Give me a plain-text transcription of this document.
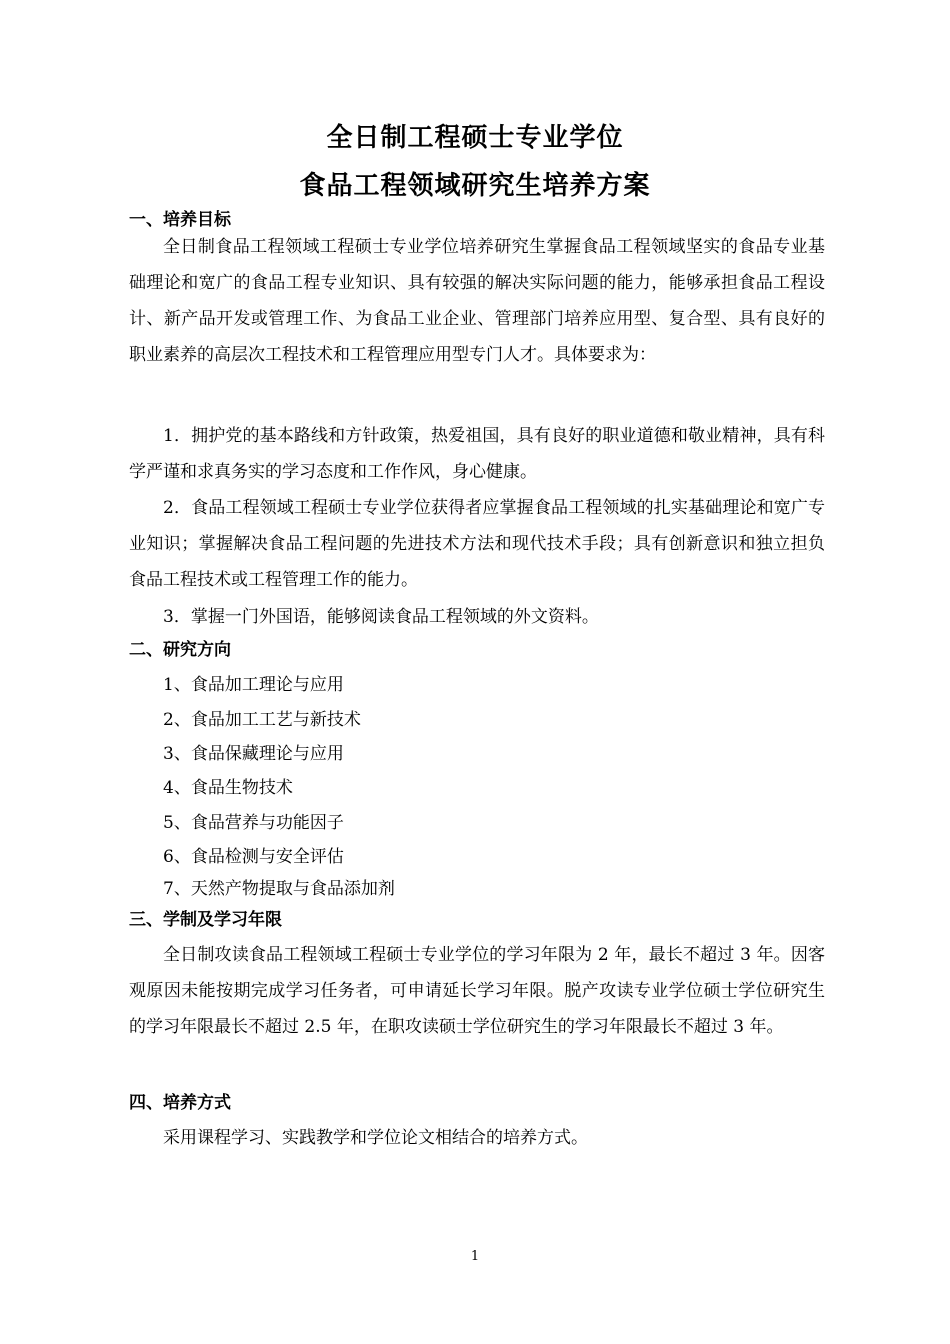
全日制工程硕士专业学位
食品工程领域研究生培养方案
一、培养目标
全日制食品工程领域工程硕士专业学位培养研究生掌握食品工程领域坚实的食品专业基础理论和宽广的食品工程专业知识、具有较强的解决实际问题的能力，能够承担食品工程设计、新产品开发或管理工作、为食品工业企业、管理部门培养应用型、复合型、具有良好的职业素养的高层次工程技术和工程管理应用型专门人才。具体要求为：
1．拥护党的基本路线和方针政策，热爱祖国，具有良好的职业道德和敬业精神，具有科学严谨和求真务实的学习态度和工作作风，身心健康。
2．食品工程领域工程硕士专业学位获得者应掌握食品工程领域的扎实基础理论和宽广专业知识；掌握解决食品工程问题的先进技术方法和现代技术手段；具有创新意识和独立担负食品工程技术或工程管理工作的能力。
3．掌握一门外国语，能够阅读食品工程领域的外文资料。
二、研究方向
1、食品加工理论与应用
2、食品加工工艺与新技术
3、食品保藏理论与应用
4、食品生物技术
5、食品营养与功能因子
6、食品检测与安全评估
7、天然产物提取与食品添加剂
三、学制及学习年限
全日制攻读食品工程领域工程硕士专业学位的学习年限为 2 年，最长不超过 3 年。因客观原因未能按期完成学习任务者，可申请延长学习年限。脱产攻读专业学位硕士学位研究生的学习年限最长不超过 2.5 年，在职攻读硕士学位研究生的学习年限最长不超过 3 年。
四、培养方式
采用课程学习、实践教学和学位论文相结合的培养方式。
1
